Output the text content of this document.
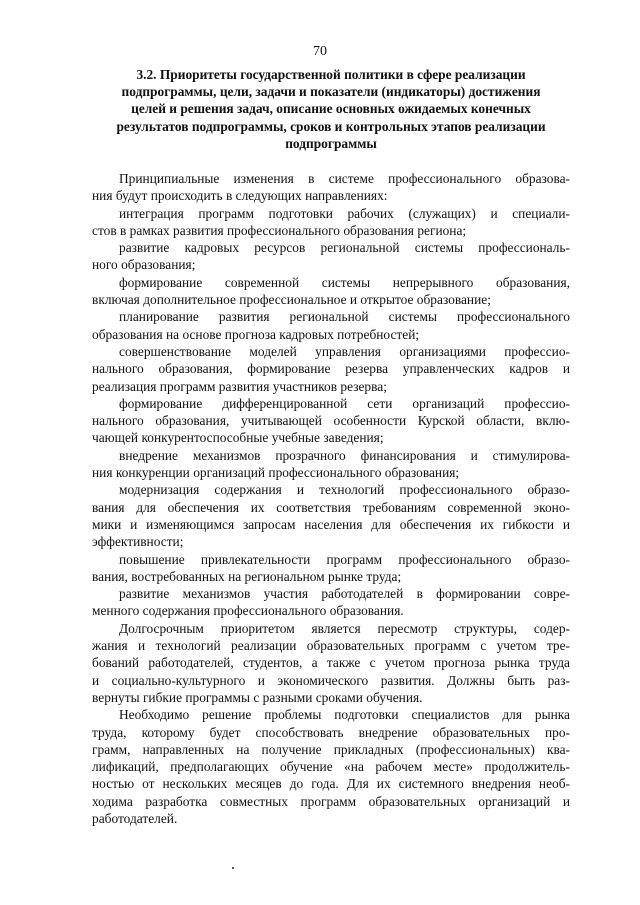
70
3.2. Приоритеты государственной политики в сфере реализации
подпрограммы, цели, задачи и показатели (индикаторы) достижения
целей и решения задач, описание основных ожидаемых конечных
результатов подпрограммы, сроков и контрольных этапов реализации
подпрограммы
Принципиальные изменения в системе профессионального образова-
ния будут происходить в следующих направлениях:
интеграция программ подготовки рабочих (служащих) и специали-
стов в рамках развития профессионального образования региона;
развитие кадровых ресурсов региональной системы профессиональ-
ного образования;
формирование современной системы непрерывного образования,
включая дополнительное профессиональное и открытое образование;
планирование развития региональной системы профессионального
образования на основе прогноза кадровых потребностей;
совершенствование моделей управления организациями профессио-
нального образования, формирование резерва управленческих кадров и
реализация программ развития участников резерва;
формирование дифференцированной сети организаций профессио-
нального образования, учитывающей особенности Курской области, вклю-
чающей конкурентоспособные учебные заведения;
внедрение механизмов прозрачного финансирования и стимулирова-
ния конкуренции организаций профессионального образования;
модернизация содержания и технологий профессионального образо-
вания для обеспечения их соответствия требованиям современной эконо-
мики и изменяющимся запросам населения для обеспечения их гибкости и
эффективности;
повышение привлекательности программ профессионального образо-
вания, востребованных на региональном рынке труда;
развитие механизмов участия работодателей в формировании совре-
менного содержания профессионального образования.
Долгосрочным приоритетом является пересмотр структуры, содер-
жания и технологий реализации образовательных программ с учетом тре-
бований работодателей, студентов, а также с учетом прогноза рынка труда
и социально-культурного и экономического развития. Должны быть раз-
вернуты гибкие программы с разными сроками обучения.
Необходимо решение проблемы подготовки специалистов для рынка
труда, которому будет способствовать внедрение образовательных про-
грамм, направленных на получение прикладных (профессиональных) ква-
лификаций, предполагающих обучение «на рабочем месте» продолжитель-
ностью от нескольких месяцев до года. Для их системного внедрения необ-
ходима разработка совместных программ образовательных организаций и
работодателей.
